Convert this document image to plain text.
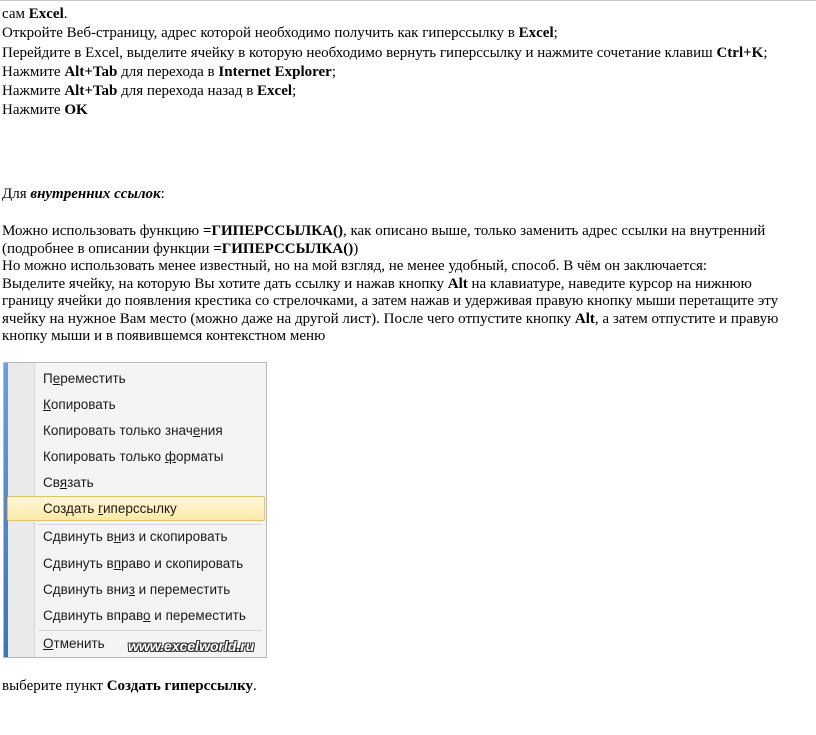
сам Excel.
Откройте Веб-страницу, адрес которой необходимо получить как гиперссылку в Excel;
Перейдите в Excel, выделите ячейку в которую необходимо вернуть гиперссылку и нажмите сочетание клавиш Ctrl+K;
Нажмите Alt+Tab для перехода в Internet Explorer;
Нажмите Alt+Tab для перехода назад в Excel;
Нажмите OK
Для внутренних ссылок:
Можно использовать функцию =ГИПЕРССЫЛКА(), как описано выше, только заменить адрес ссылки на внутренний
(подробнее в описании функции =ГИПЕРССЫЛКА())
Но можно использовать менее известный, но на мой взгляд, не менее удобный, способ. В чём он заключается:
Выделите ячейку, на которую Вы хотите дать ссылку и нажав кнопку Alt на клавиатуре, наведите курсор на нижнюю
границу ячейки до появления крестика со стрелочками, а затем нажав и удерживая правую кнопку мыши перетащите эту
ячейку на нужное Вам место (можно даже на другой лист). После чего отпустите кнопку Alt, а затем отпустите и правую
кнопку мыши и в появившемся контекстном меню
Переместить
Копировать
Копировать только значения
Копировать только форматы
Связать
Создать гиперссылку
Сдвинуть вниз и скопировать
Сдвинуть вправо и скопировать
Сдвинуть вниз и переместить
Сдвинуть вправо и переместить
Отменить www.excelworld.ru
выберите пункт Создать гиперссылку.
